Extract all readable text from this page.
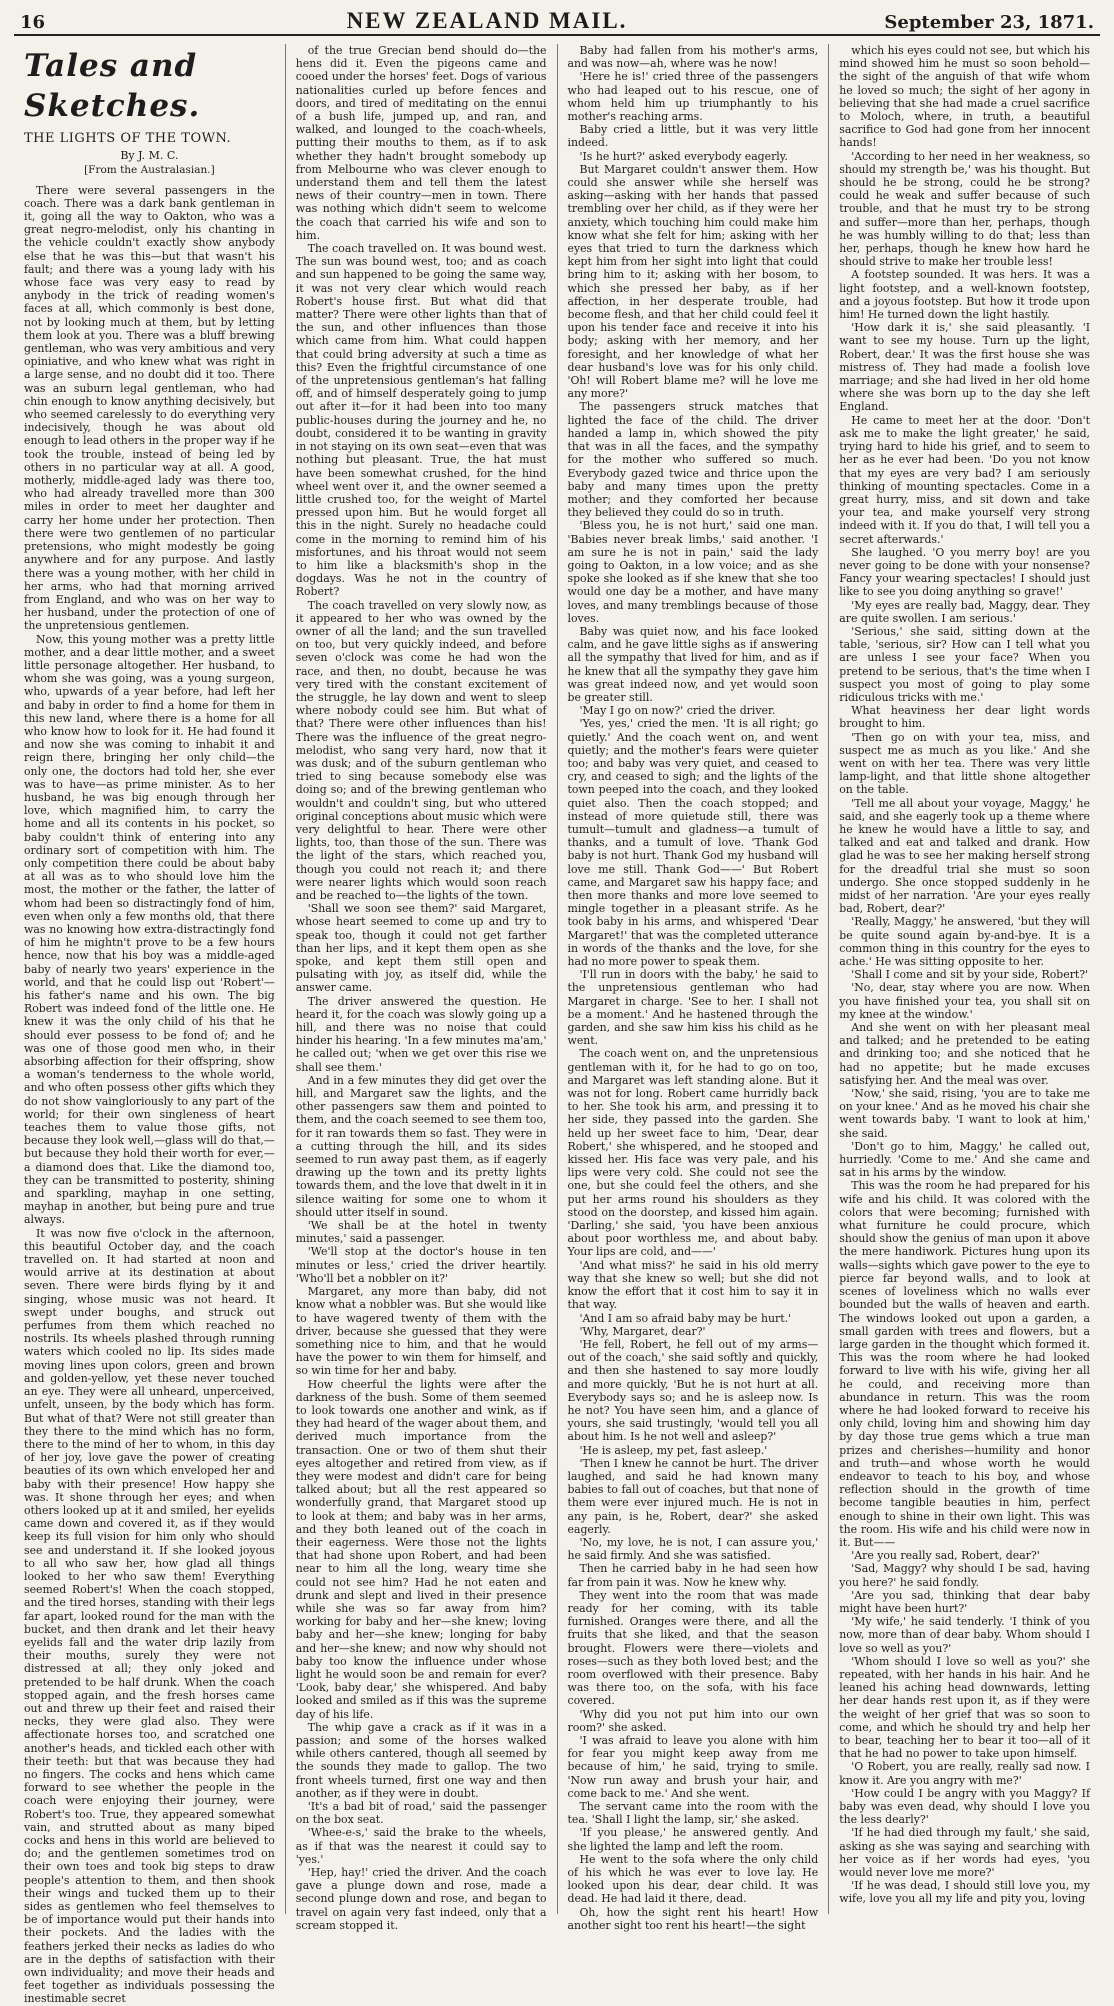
16	NEW ZEALAND MAIL.	September 23, 1871.
Tales and Sketches.
THE LIGHTS OF THE TOWN.
By J. M. C.
[From the Australasian.]

There were several passengers in the coach. There was a dark bank gentleman in it, going all the way to Oakton, who was a great negro-melodist, only his chanting in the vehicle couldn't exactly show anybody else that he was this—but that wasn't his fault; and there was a young lady with his whose face was very easy to read by anybody in the trick of reading women's faces at all, which commonly is best done, not by looking much at them, but by letting them look at you. There was a bluff brewing gentleman, who was very ambitious and very opiniative, and who knew what was right in a large sense, and no doubt did it too. There was an suburn legal gentleman, who had chin enough to know anything decisively, but who seemed carelessly to do everything very indecisively, though he was about old enough to lead others in the proper way if he took the trouble, instead of being led by others in no particular way at all. A good, motherly, middle-aged lady was there too, who had already travelled more than 300 miles in order to meet her daughter and carry her home under her protection. Then there were two gentlemen of no particular pretensions, who might modestly be going anywhere and for any purpose. And lastly there was a young mother, with her child in her arms, who had that morning arrived from England, and who was on her way to her husband, under the protection of one of the unpretensious gentlemen.

Now, this young mother was a pretty little mother, and a dear little mother, and a sweet little personage altogether. Her husband, to whom she was going, was a young surgeon, who, upwards of a year before, had left her and baby in order to find a home for them in this new land, where there is a home for all who know how to look for it. He had found it and now she was coming to inhabit it and reign there, bringing her only child—the only one, the doctors had told her, she ever was to have—as prime minister. As to her husband, he was big enough through her love, which magnified him, to carry the home and all its contents in his pocket, so baby couldn't think of entering into any ordinary sort of competition with him. The only competition there could be about baby at all was as to who should love him the most, the mother or the father, the latter of whom had been so distractingly fond of him, even when only a few months old, that there was no knowing how extra-distractingly fond of him he mightn't prove to be a few hours hence, now that his boy was a middle-aged baby of nearly two years' experience in the world, and that he could lisp out 'Robert'—his father's name and his own. The big Robert was indeed fond of the little one. He knew it was the only child of his that he should ever possess to be fond of; and he was one of those good men who, in their absorbing affection for their offspring, show a woman's tenderness to the whole world, and who often possess other gifts which they do not show vaingloriously to any part of the world; for their own singleness of heart teaches them to value those gifts, not because they look well,—glass will do that,—but because they hold their worth for ever,—a diamond does that. Like the diamond too, they can be transmitted to posterity, shining and sparkling, mayhap in one setting, mayhap in another, but being pure and true always.

It was now five o'clock in the afternoon, this beautiful October day, and the coach travelled on. It had started at noon and would arrive at its destination at about seven. There were birds flying by it and singing, whose music was not heard. It swept under boughs, and struck out perfumes from them which reached no nostrils. Its wheels plashed through running waters which cooled no lip. Its sides made moving lines upon colors, green and brown and golden-yellow, yet these never touched an eye. They were all unheard, unperceived, unfelt, unseen, by the body which has form. But what of that? Were not still greater than they there to the mind which has no form, there to the mind of her to whom, in this day of her joy, love gave the power of creating beauties of its own which enveloped her and baby with their presence! How happy she was. It shone through her eyes; and when others looked up at it and smiled, her eyelids came down and covered it, as if they would keep its full vision for him only who should see and understand it. If she looked joyous to all who saw her, how glad all things looked to her who saw them! Everything seemed Robert's! When the coach stopped, and the tired horses, standing with their legs far apart, looked round for the man with the bucket, and then drank and let their heavy eyelids fall and the water drip lazily from their mouths, surely they were not distressed at all; they only joked and pretended to be half drunk. When the coach stopped again, and the fresh horses came out and threw up their feet and raised their necks, they were glad also. They were affectionate horses too, and scratched one another's heads, and tickled each other with their teeth: but that was because they had no fingers. The cocks and hens which came forward to see whether the people in the coach were enjoying their journey, were Robert's too. True, they appeared somewhat vain, and strutted about as many biped cocks and hens in this world are believed to do; and the gentlemen sometimes trod on their own toes and took big steps to draw people's attention to them, and then shook their wings and tucked them up to their sides as gentlemen who feel themselves to be of importance would put their hands into their pockets. And the ladies with the feathers jerked their necks as ladies do who are in the depths of satisfaction with their own individuality; and move their heads and feet together as individuals possessing the inestimable secret

of the true Grecian bend should do—the hens did it. Even the pigeons came and cooed under the horses' feet. Dogs of various nationalities curled up before fences and doors, and tired of meditating on the ennui of a bush life, jumped up, and ran, and walked, and lounged to the coach-wheels, putting their mouths to them, as if to ask whether they hadn't brought somebody up from Melbourne who was clever enough to understand them and tell them the latest news of their country—men in town. There was nothing which didn't seem to welcome the coach that carried his wife and son to him.

The coach travelled on. It was bound west. The sun was bound west, too; and as coach and sun happened to be going the same way, it was not very clear which would reach Robert's house first. But what did that matter? There were other lights than that of the sun, and other influences than those which came from him. What could happen that could bring adversity at such a time as this? Even the frightful circumstance of one of the unpretensious gentleman's hat falling off, and of himself desperately going to jump out after it—for it had been into too many public-houses during the journey and he, no doubt, considered it to be wanting in gravity in not staying on its own seat—even that was nothing but pleasant. True, the hat must have been somewhat crushed, for the hind wheel went over it, and the owner seemed a little crushed too, for the weight of Martel pressed upon him. But he would forget all this in the night. Surely no headache could come in the morning to remind him of his misfortunes, and his throat would not seem to him like a blacksmith's shop in the dogdays. Was he not in the country of Robert?

The coach travelled on very slowly now, as it appeared to her who was owned by the owner of all the land; and the sun travelled on too, but very quickly indeed, and before seven o'clock was come he had won the race, and then, no doubt, because he was very tired with the constant excitement of the struggle, he lay down and went to sleep where nobody could see him. But what of that? There were other influences than his! There was the influence of the great negro-melodist, who sang very hard, now that it was dusk; and of the suburn gentleman who tried to sing because somebody else was doing so; and of the brewing gentleman who wouldn't and couldn't sing, but who uttered original conceptions about music which were very delightful to hear. There were other lights, too, than those of the sun. There was the light of the stars, which reached you, though you could not reach it; and there were nearer lights which would soon reach and be reached to—the lights of the town.

'Shall we soon see them?' said Margaret, whose heart seemed to come up and try to speak too, though it could not get farther than her lips, and it kept them open as she spoke, and kept them still open and pulsating with joy, as itself did, while the answer came.

The driver answered the question. He heard it, for the coach was slowly going up a hill, and there was no noise that could hinder his hearing. 'In a few minutes ma'am,' he called out; 'when we get over this rise we shall see them.'

And in a few minutes they did get over the hill, and Margaret saw the lights, and the other passengers saw them and pointed to them, and the coach seemed to see them too, for it ran towards them so fast. They were in a cutting through the hill, and its sides seemed to run away past them, as if eagerly drawing up the town and its pretty lights towards them, and the love that dwelt in it in silence waiting for some one to whom it should utter itself in sound.

'We shall be at the hotel in twenty minutes,' said a passenger.

'We'll stop at the doctor's house in ten minutes or less,' cried the driver heartily. 'Who'll bet a nobbler on it?'

Margaret, any more than baby, did not know what a nobbler was. But she would like to have wagered twenty of them with the driver, because she guessed that they were something nice to him, and that he would have the power to win them for himself, and so win time for her and baby.

How cheerful the lights were after the darkness of the bush. Some of them seemed to look towards one another and wink, as if they had heard of the wager about them, and derived much importance from the transaction. One or two of them shut their eyes altogether and retired from view, as if they were modest and didn't care for being talked about; but all the rest appeared so wonderfully grand, that Margaret stood up to look at them; and baby was in her arms, and they both leaned out of the coach in their eagerness. Were those not the lights that had shone upon Robert, and had been near to him all the long, weary time she could not see him? Had he not eaten and drunk and slept and lived in their presence while she was so far away from him? working for baby and her—she knew; loving baby and her—she knew; longing for baby and her—she knew; and now why should not baby too know the influence under whose light he would soon be and remain for ever? 'Look, baby dear,' she whispered. And baby looked and smiled as if this was the supreme day of his life.

The whip gave a crack as if it was in a passion; and some of the horses walked while others cantered, though all seemed by the sounds they made to gallop. The two front wheels turned, first one way and then another, as if they were in doubt.

'It's a bad bit of road,' said the passenger on the box seat.

'Whee-e-s,' said the brake to the wheels, as if that was the nearest it could say to 'yes.'

'Hep, hay!' cried the driver. And the coach gave a plunge down and rose, made a second plunge down and rose, and began to travel on again very fast indeed, only that a scream stopped it.

Baby had fallen from his mother's arms, and was now—ah, where was he now!

'Here he is!' cried three of the passengers who had leaped out to his rescue, one of whom held him up triumphantly to his mother's reaching arms.

Baby cried a little, but it was very little indeed.

'Is he hurt?' asked everybody eagerly.

But Margaret couldn't answer them. How could she answer while she herself was asking—asking with her hands that passed trembling over her child, as if they were her anxiety, which touching him could make him know what she felt for him; asking with her eyes that tried to turn the darkness which kept him from her sight into light that could bring him to it; asking with her bosom, to which she pressed her baby, as if her affection, in her desperate trouble, had become flesh, and that her child could feel it upon his tender face and receive it into his body; asking with her memory, and her foresight, and her knowledge of what her dear husband's love was for his only child. 'Oh! will Robert blame me? will he love me any more?'

The passengers struck matches that lighted the face of the child. The driver handed a lamp in, which showed the pity that was in all the faces, and the sympathy for the mother who suffered so much. Everybody gazed twice and thrice upon the baby and many times upon the pretty mother; and they comforted her because they believed they could do so in truth.

'Bless you, he is not hurt,' said one man. 'Babies never break limbs,' said another. 'I am sure he is not in pain,' said the lady going to Oakton, in a low voice; and as she spoke she looked as if she knew that she too would one day be a mother, and have many loves, and many tremblings because of those loves.

Baby was quiet now, and his face looked calm, and he gave little sighs as if answering all the sympathy that lived for him, and as if he knew that all the sympathy they gave him was great indeed now, and yet would soon be greater still.

'May I go on now?' cried the driver.

'Yes, yes,' cried the men. 'It is all right; go quietly.' And the coach went on, and went quietly; and the mother's fears were quieter too; and baby was very quiet, and ceased to cry, and ceased to sigh; and the lights of the town peeped into the coach, and they looked quiet also. Then the coach stopped; and instead of more quietude still, there was tumult—tumult and gladness—a tumult of thanks, and a tumult of love. 'Thank God baby is not hurt. Thank God my husband will love me still. Thank God——' But Robert came, and Margaret saw his happy face; and then more thanks and more love seemed to mingle together in a pleasant strife. As he took baby in his arms, and whispered 'Dear Margaret!' that was the completed utterance in words of the thanks and the love, for she had no more power to speak them.

'I'll run in doors with the baby,' he said to the unpretensious gentleman who had Margaret in charge. 'See to her. I shall not be a moment.' And he hastened through the garden, and she saw him kiss his child as he went.

The coach went on, and the unpretensious gentleman with it, for he had to go on too, and Margaret was left standing alone. But it was not for long. Robert came hurridly back to her. She took his arm, and pressing it to her side, they passed into the garden. She held up her sweet face to him, 'Dear, dear Robert,' she whispered, and he stooped and kissed her. His face was very pale, and his lips were very cold. She could not see the one, but she could feel the others, and she put her arms round his shoulders as they stood on the doorstep, and kissed him again. 'Darling,' she said, 'you have been anxious about poor worthless me, and about baby. Your lips are cold, and——'

'And what miss?' he said in his old merry way that she knew so well; but she did not know the effort that it cost him to say it in that way.

'And I am so afraid baby may be hurt.'

'Why, Margaret, dear?'

'He fell, Robert, he fell out of my arms—out of the coach,' she said softly and quickly, and then she hastened to say more loudly and more quickly, 'But he is not hurt at all. Everybody says so; and he is asleep now. Is he not? You have seen him, and a glance of yours, she said trustingly, 'would tell you all about him. Is he not well and asleep?'

'He is asleep, my pet, fast asleep.'

'Then I knew he cannot be hurt. The driver laughed, and said he had known many babies to fall out of coaches, but that none of them were ever injured much. He is not in any pain, is he, Robert, dear?' she asked eagerly.

'No, my love, he is not, I can assure you,' he said firmly. And she was satisfied.

Then he carried baby in he had seen how far from pain it was. Now he knew why.

They went into the room that was made ready for her coming, with its table furnished. Oranges were there, and all the fruits that she liked, and that the season brought. Flowers were there—violets and roses—such as they both loved best; and the room overflowed with their presence. Baby was there too, on the sofa, with his face covered.

'Why did you not put him into our own room?' she asked.

'I was afraid to leave you alone with him for fear you might keep away from me because of him,' he said, trying to smile. 'Now run away and brush your hair, and come back to me.' And she went.

The servant came into the room with the tea. 'Shall I light the lamp, sir,' she asked.

'If you please,' he answered gently. And she lighted the lamp and left the room.

He went to the sofa where the only child of his which he was ever to love lay. He looked upon his dear, dear child. It was dead. He had laid it there, dead.

Oh, how the sight rent his heart! How another sight too rent his heart!—the sight

which his eyes could not see, but which his mind showed him he must so soon behold—the sight of the anguish of that wife whom he loved so much; the sight of her agony in believing that she had made a cruel sacrifice to Moloch, where, in truth, a beautiful sacrifice to God had gone from her innocent hands!

'According to her need in her weakness, so should my strength be,' was his thought. But should he be strong, could he be strong? could he weak and suffer because of such trouble, and that he must try to be strong and suffer—more than her, perhaps, though he was humbly willing to do that; less than her, perhaps, though he knew how hard he should strive to make her trouble less!

A footstep sounded. It was hers. It was a light footstep, and a well-known footstep, and a joyous footstep. But how it trode upon him! He turned down the light hastily.

'How dark it is,' she said pleasantly. 'I want to see my house. Turn up the light, Robert, dear.' It was the first house she was mistress of. They had made a foolish love marriage; and she had lived in her old home where she was born up to the day she left England.

He came to meet her at the door. 'Don't ask me to make the light greater,' he said, trying hard to hide his grief, and to seem to her as he ever had been. 'Do you not know that my eyes are very bad? I am seriously thinking of mounting spectacles. Come in a great hurry, miss, and sit down and take your tea, and make yourself very strong indeed with it. If you do that, I will tell you a secret afterwards.'

She laughed. 'O you merry boy! are you never going to be done with your nonsense? Fancy your wearing spectacles! I should just like to see you doing anything so grave!'

'My eyes are really bad, Maggy, dear. They are quite swollen. I am serious.'

'Serious,' she said, sitting down at the table, 'serious, sir? How can I tell what you are unless I see your face? When you pretend to be serious, that's the time when I suspect you most of going to play some ridiculous tricks with me.'

What heaviness her dear light words brought to him.

'Then go on with your tea, miss, and suspect me as much as you like.' And she went on with her tea. There was very little lamp-light, and that little shone altogether on the table.

'Tell me all about your voyage, Maggy,' he said, and she eagerly took up a theme where he knew he would have a little to say, and talked and eat and talked and drank. How glad he was to see her making herself strong for the dreadful trial she must so soon undergo. She once stopped suddenly in he midst of her narration. 'Are your eyes really bad, Robert, dear?'

'Really, Maggy,' he answered, 'but they will be quite sound again by-and-bye. It is a common thing in this country for the eyes to ache.' He was sitting opposite to her.

'Shall I come and sit by your side, Robert?'

'No, dear, stay where you are now. When you have finished your tea, you shall sit on my knee at the window.'

And she went on with her pleasant meal and talked; and he pretended to be eating and drinking too; and she noticed that he had no appetite; but he made excuses satisfying her. And the meal was over.

'Now,' she said, rising, 'you are to take me on your knee.' And as he moved his chair she went towards baby. 'I want to look at him,' she said.

'Don't go to him, Maggy,' he called out, hurriedly. 'Come to me.' And she came and sat in his arms by the window.

This was the room he had prepared for his wife and his child. It was colored with the colors that were becoming; furnished with what furniture he could procure, which should show the genius of man upon it above the mere handiwork. Pictures hung upon its walls—sights which gave power to the eye to pierce far beyond walls, and to look at scenes of loveliness which no walls ever bounded but the walls of heaven and earth. The windows looked out upon a garden, a small garden with trees and flowers, but a large garden in the thought which formed it. This was the room where he had looked forward to live with his wife, giving her all he could, and receiving more than abundance in return. This was the room where he had looked forward to receive his only child, loving him and showing him day by day those true gems which a true man prizes and cherishes—humility and honor and truth—and whose worth he would endeavor to teach to his boy, and whose reflection should in the growth of time become tangible beauties in him, perfect enough to shine in their own light. This was the room. His wife and his child were now in it. But——

'Are you really sad, Robert, dear?'

'Sad, Maggy? why should I be sad, having you here?' he said fondly.

'Are you sad, thinking that dear baby might have been hurt?'

'My wife,' he said tenderly. 'I think of you now, more than of dear baby. Whom should I love so well as you?'

'Whom should I love so well as you?' she repeated, with her hands in his hair. And he leaned his aching head downwards, letting her dear hands rest upon it, as if they were the weight of her grief that was so soon to come, and which he should try and help her to bear, teaching her to bear it too—all of it that he had no power to take upon himself.

'O Robert, you are really, really sad now. I know it. Are you angry with me?'

'How could I be angry with you Maggy? If baby was even dead, why should I love you the less dearly?'

'If he had died through my fault,' she said, asking as she was saying and searching with her voice as if her words had eyes, 'you would never love me more?'

'If he was dead, I should still love you, my wife, love you all my life and pity you, loving
